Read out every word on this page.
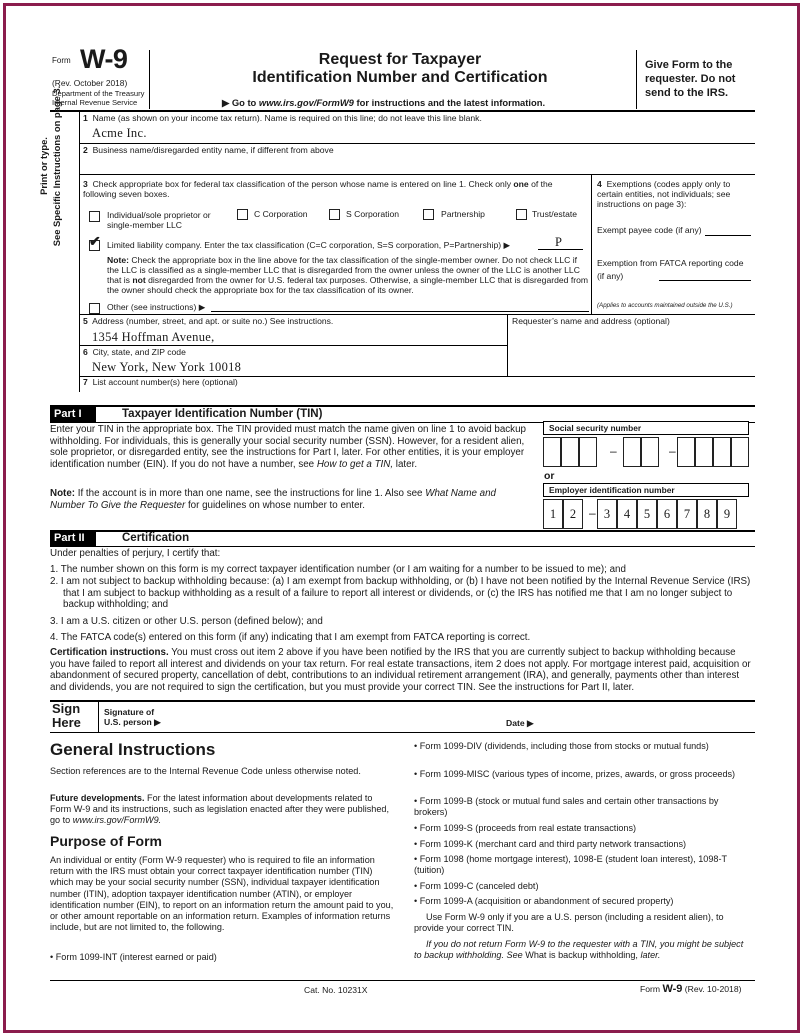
Form W-9
(Rev. October 2018)
Department of the Treasury
Internal Revenue Service
Request for Taxpayer
Identification Number and Certification
▶ Go to www.irs.gov/FormW9 for instructions and the latest information.
Give Form to the requester. Do not send to the IRS.
Print or type. See Specific Instructions on page 3. 1 Name (as shown on your income tax return). Name is required on this line; do not leave this line blank.
Acme Inc.
2 Business name/disregarded entity name, if different from above
3 Check appropriate box for federal tax classification of the person whose name is entered on line 1. Check only one of the following seven boxes.
Individual/sole proprietor or single-member LLC
C Corporation	S Corporation	Partnership	Trust/estate
✔ Limited liability company. Enter the tax classification (C=C corporation, S=S corporation, P=Partnership) ▶	P
Note: Check the appropriate box in the line above for the tax classification of the single-member owner. Do not check LLC if the LLC is classified as a single-member LLC that is disregarded from the owner unless the owner of the LLC is another LLC that is not disregarded from the owner for U.S. federal tax purposes. Otherwise, a single-member LLC that is disregarded from the owner should check the appropriate box for the tax classification of its owner.
Other (see instructions) ▶
4 Exemptions (codes apply only to certain entities, not individuals; see instructions on page 3):
Exempt payee code (if any)
Exemption from FATCA reporting code (if any)
(Applies to accounts maintained outside the U.S.)
5 Address (number, street, and apt. or suite no.) See instructions.
1354 Hoffman Avenue,
Requester’s name and address (optional)
6 City, state, and ZIP code
New York, New York 10018
7 List account number(s) here (optional)
Part I	Taxpayer Identification Number (TIN)
Enter your TIN in the appropriate box. The TIN provided must match the name given on line 1 to avoid backup withholding. For individuals, this is generally your social security number (SSN). However, for a resident alien, sole proprietor, or disregarded entity, see the instructions for Part I, later. For other entities, it is your employer identification number (EIN). If you do not have a number, see How to get a TIN, later.
Note: If the account is in more than one name, see the instructions for line 1. Also see What Name and Number To Give the Requester for guidelines on whose number to enter.
Social security number
–	–
or
Employer identification number
1	2	– 3	4	5	6	7	8	9
Part II	Certification
Under penalties of perjury, I certify that:
1. The number shown on this form is my correct taxpayer identification number (or I am waiting for a number to be issued to me); and
2. I am not subject to backup withholding because: (a) I am exempt from backup withholding, or (b) I have not been notified by the Internal Revenue Service (IRS) that I am subject to backup withholding as a result of a failure to report all interest or dividends, or (c) the IRS has notified me that I am no longer subject to backup withholding; and
3. I am a U.S. citizen or other U.S. person (defined below); and
4. The FATCA code(s) entered on this form (if any) indicating that I am exempt from FATCA reporting is correct.
Certification instructions. You must cross out item 2 above if you have been notified by the IRS that you are currently subject to backup withholding because you have failed to report all interest and dividends on your tax return. For real estate transactions, item 2 does not apply. For mortgage interest paid, acquisition or abandonment of secured property, cancellation of debt, contributions to an individual retirement arrangement (IRA), and generally, payments other than interest and dividends, you are not required to sign the certification, but you must provide your correct TIN. See the instructions for Part II, later.
Sign
Here
Signature of
U.S. person ▶	Date ▶
General Instructions
Section references are to the Internal Revenue Code unless otherwise noted.
Future developments. For the latest information about developments related to Form W-9 and its instructions, such as legislation enacted after they were published, go to www.irs.gov/FormW9.
Purpose of Form
An individual or entity (Form W-9 requester) who is required to file an information return with the IRS must obtain your correct taxpayer identification number (TIN) which may be your social security number (SSN), individual taxpayer identification number (ITIN), adoption taxpayer identification number (ATIN), or employer identification number (EIN), to report on an information return the amount paid to you, or other amount reportable on an information return. Examples of information returns include, but are not limited to, the following.
• Form 1099-INT (interest earned or paid)
• Form 1099-DIV (dividends, including those from stocks or mutual funds)
• Form 1099-MISC (various types of income, prizes, awards, or gross proceeds)
• Form 1099-B (stock or mutual fund sales and certain other transactions by brokers)
• Form 1099-S (proceeds from real estate transactions)
• Form 1099-K (merchant card and third party network transactions)
• Form 1098 (home mortgage interest), 1098-E (student loan interest), 1098-T (tuition)
• Form 1099-C (canceled debt)
• Form 1099-A (acquisition or abandonment of secured property)
Use Form W-9 only if you are a U.S. person (including a resident alien), to provide your correct TIN.
If you do not return Form W-9 to the requester with a TIN, you might be subject to backup withholding. See What is backup withholding, later.
Cat. No. 10231X	Form W-9 (Rev. 10-2018)
